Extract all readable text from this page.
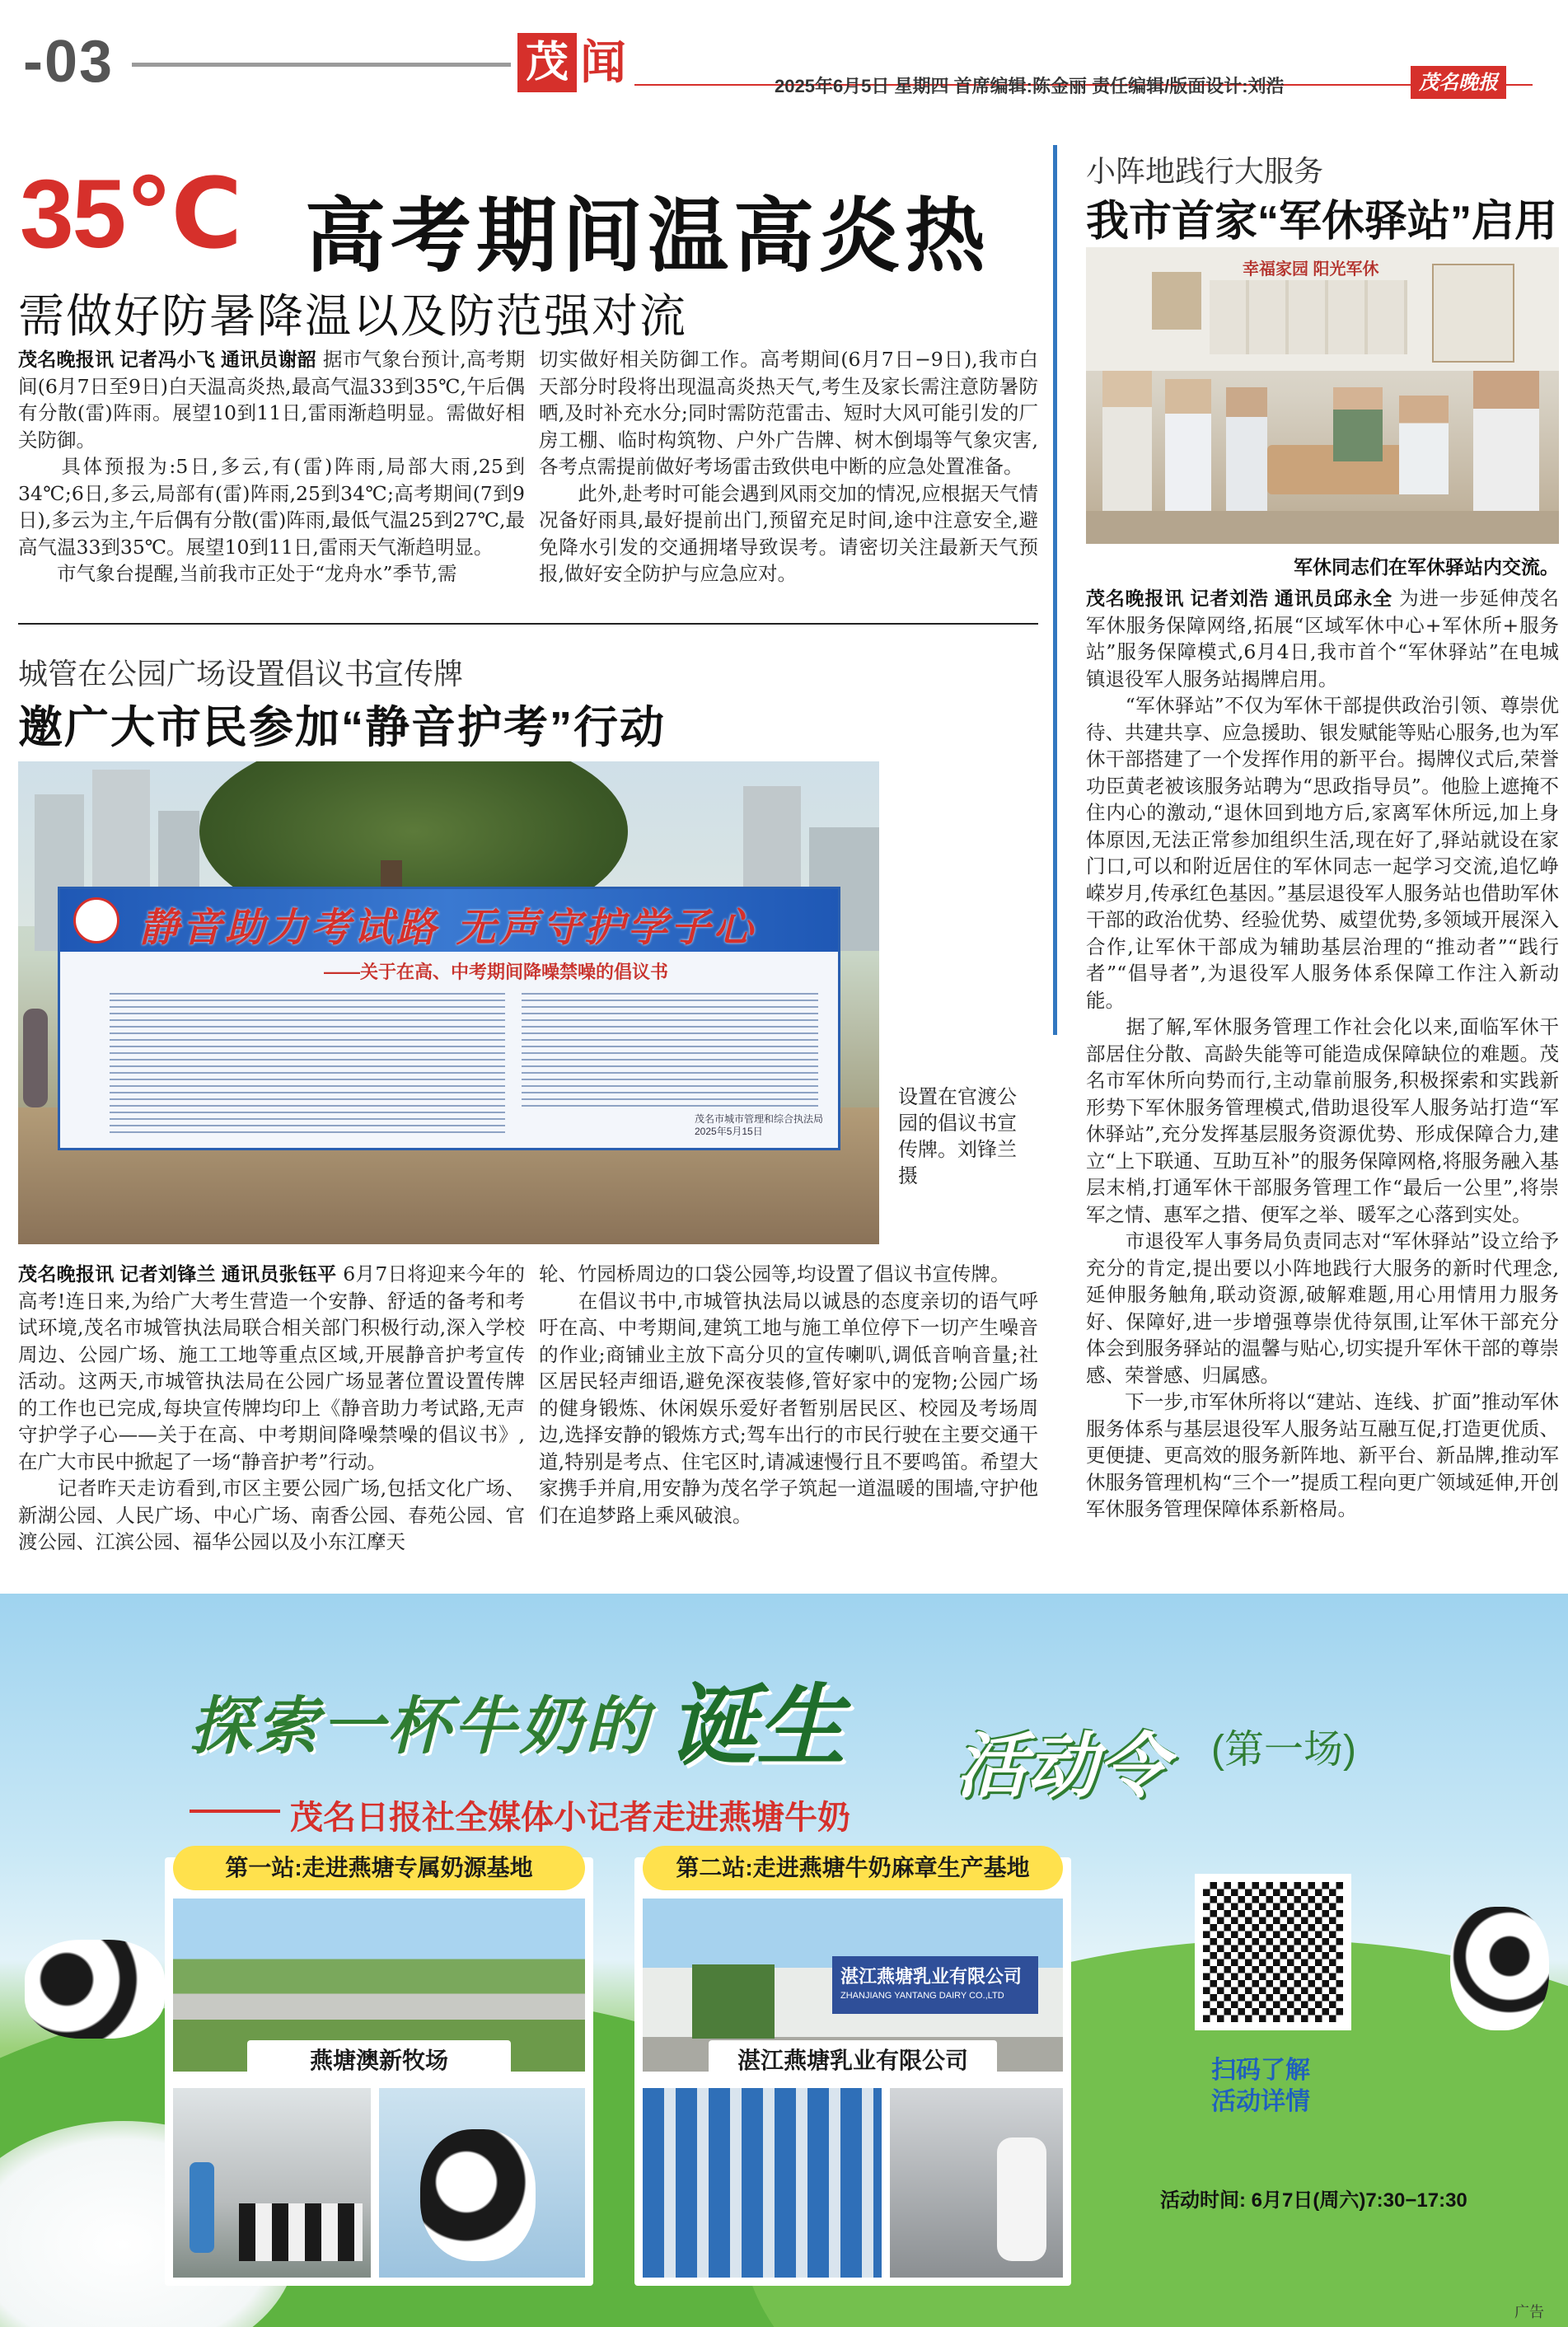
-03	茂 闻	2025年6月5日 星期四 首席编辑:陈金丽 责任编辑/版面设计:刘浩	茂名晚报
35℃ 高考期间温高炎热
需做好防暑降温以及防范强对流
茂名晚报讯 记者冯小飞 通讯员谢韶 据市气象台预计,高考期间(6月7日至9日)白天温高炎热,最高气温33到35℃,午后偶有分散(雷)阵雨。展望10到11日,雷雨渐趋明显。需做好相关防御。
　　具体预报为:5日,多云,有(雷)阵雨,局部大雨,25到34℃;6日,多云,局部有(雷)阵雨,25到34℃;高考期间(7到9日),多云为主,午后偶有分散(雷)阵雨,最低气温25到27℃,最高气温33到35℃。展望10到11日,雷雨天气渐趋明显。
　　市气象台提醒,当前我市正处于“龙舟水”季节,需
切实做好相关防御工作。高考期间(6月7日−9日),我市白天部分时段将出现温高炎热天气,考生及家长需注意防暑防晒,及时补充水分;同时需防范雷击、短时大风可能引发的厂房工棚、临时构筑物、户外广告牌、树木倒塌等气象灾害,各考点需提前做好考场雷击致供电中断的应急处置准备。
　　此外,赴考时可能会遇到风雨交加的情况,应根据天气情况备好雨具,最好提前出门,预留充足时间,途中注意安全,避免降水引发的交通拥堵导致误考。请密切关注最新天气预报,做好安全防护与应急应对。
城管在公园广场设置倡议书宣传牌
邀广大市民参加“静音护考”行动
静音助力考试路 无声守护学子心
——关于在高、中考期间降噪禁噪的倡议书
茂名市城市管理和综合执法局
2025年5月15日
设置在官渡公园的倡议书宣传牌。刘锋兰摄
茂名晚报讯 记者刘锋兰 通讯员张钰平 6月7日将迎来今年的高考!连日来,为给广大考生营造一个安静、舒适的备考和考试环境,茂名市城管执法局联合相关部门积极行动,深入学校周边、公园广场、施工工地等重点区域,开展静音护考宣传活动。这两天,市城管执法局在公园广场显著位置设置传牌的工作也已完成,每块宣传牌均印上《静音助力考试路,无声守护学子心——关于在高、中考期间降噪禁噪的倡议书》,在广大市民中掀起了一场“静音护考”行动。
　　记者昨天走访看到,市区主要公园广场,包括文化广场、新湖公园、人民广场、中心广场、南香公园、春苑公园、官渡公园、江滨公园、福华公园以及小东江摩天
轮、竹园桥周边的口袋公园等,均设置了倡议书宣传牌。
　　在倡议书中,市城管执法局以诚恳的态度亲切的语气呼吁在高、中考期间,建筑工地与施工单位停下一切产生噪音的作业;商铺业主放下高分贝的宣传喇叭,调低音响音量;社区居民轻声细语,避免深夜装修,管好家中的宠物;公园广场的健身锻炼、休闲娱乐爱好者暂别居民区、校园及考场周边,选择安静的锻炼方式;驾车出行的市民行驶在主要交通干道,特别是考点、住宅区时,请减速慢行且不要鸣笛。希望大家携手并肩,用安静为茂名学子筑起一道温暖的围墙,守护他们在追梦路上乘风破浪。
小阵地践行大服务
我市首家“军休驿站”启用
幸福家园 阳光军休
军休同志们在军休驿站内交流。
茂名晚报讯 记者刘浩 通讯员邱永全 为进一步延伸茂名军休服务保障网络,拓展“区域军休中心+军休所+服务站”服务保障模式,6月4日,我市首个“军休驿站”在电城镇退役军人服务站揭牌启用。
　　“军休驿站”不仅为军休干部提供政治引领、尊崇优待、共建共享、应急援助、银发赋能等贴心服务,也为军休干部搭建了一个发挥作用的新平台。揭牌仪式后,荣誉功臣黄老被该服务站聘为“思政指导员”。他脸上遮掩不住内心的激动,“退休回到地方后,家离军休所远,加上身体原因,无法正常参加组织生活,现在好了,驿站就设在家门口,可以和附近居住的军休同志一起学习交流,追忆峥嵘岁月,传承红色基因。”基层退役军人服务站也借助军休干部的政治优势、经验优势、威望优势,多领域开展深入合作,让军休干部成为辅助基层治理的“推动者”“践行者”“倡导者”,为退役军人服务体系保障工作注入新动能。
　　据了解,军休服务管理工作社会化以来,面临军休干部居住分散、高龄失能等可能造成保障缺位的难题。茂名市军休所向势而行,主动靠前服务,积极探索和实践新形势下军休服务管理模式,借助退役军人服务站打造“军休驿站”,充分发挥基层服务资源优势、形成保障合力,建立“上下联通、互助互补”的服务保障网格,将服务融入基层末梢,打通军休干部服务管理工作“最后一公里”,将崇军之情、惠军之措、便军之举、暖军之心落到实处。
　　市退役军人事务局负责同志对“军休驿站”设立给予充分的肯定,提出要以小阵地践行大服务的新时代理念,延伸服务触角,联动资源,破解难题,用心用情用力服务好、保障好,进一步增强尊崇优待氛围,让军休干部充分体会到服务驿站的温馨与贴心,切实提升军休干部的尊崇感、荣誉感、归属感。
　　下一步,市军休所将以“建站、连线、扩面”推动军休服务体系与基层退役军人服务站互融互促,打造更优质、更便捷、更高效的服务新阵地、新平台、新品牌,推动军休服务管理机构“三个一”提质工程向更广领域延伸,开创军休服务管理保障体系新格局。
探索一杯牛奶的 诞生 活动令 (第一场)
茂名日报社全媒体小记者走进燕塘牛奶
第一站:走进燕塘专属奶源基地
燕塘澳新牧场
第二站:走进燕塘牛奶麻章生产基地
湛江燕塘乳业有限公司
ZHANJIANG YANTANG DAIRY CO.,LTD
湛江燕塘乳业有限公司	扫码了解
活动详情
活动时间: 6月7日(周六)7:30−17:30
广告
